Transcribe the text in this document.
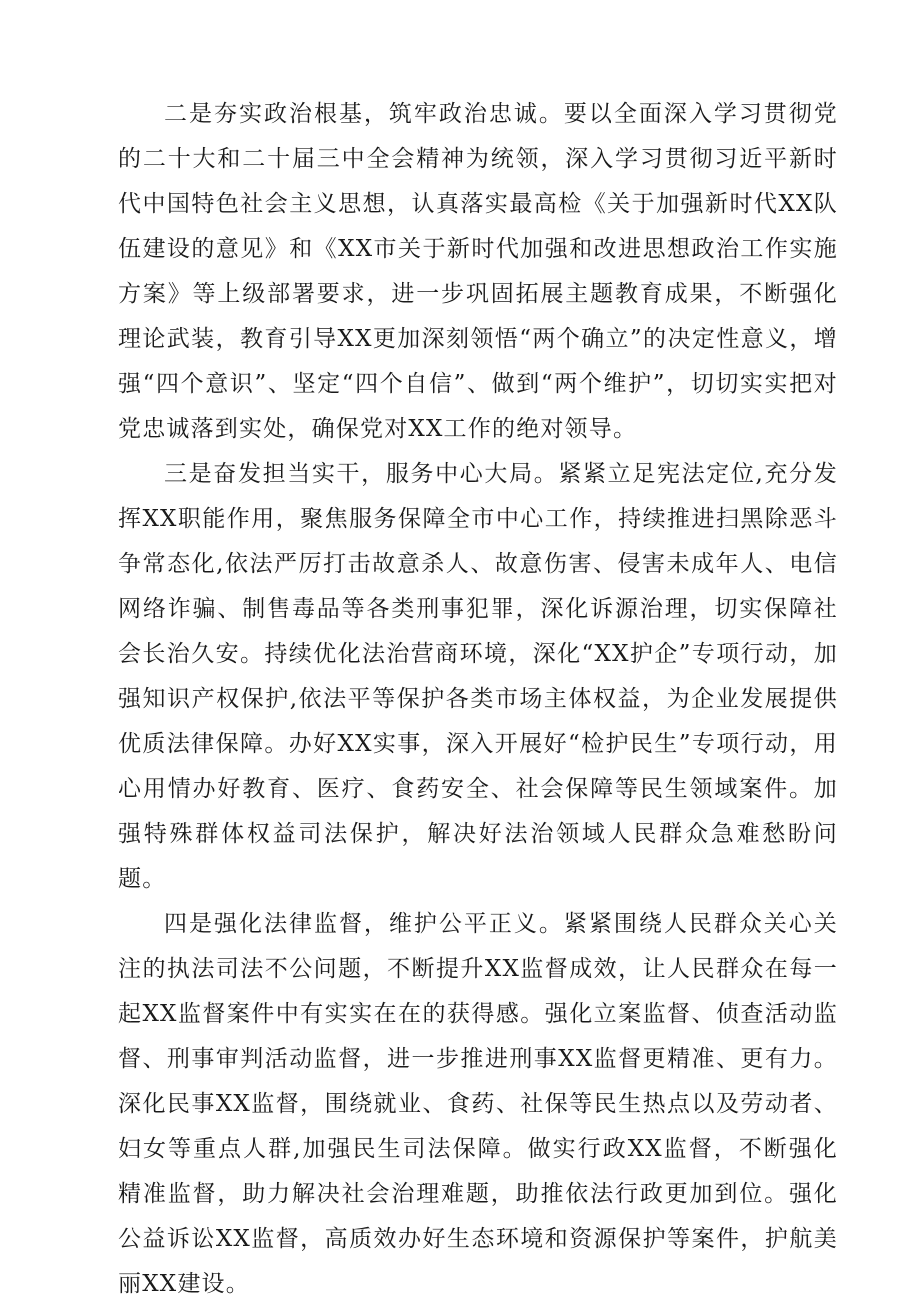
二是夯实政治根基，筑牢政治忠诚。要以全面深入学习贯彻党的二十大和二十届三中全会精神为统领，深入学习贯彻习近平新时代中国特色社会主义思想，认真落实最高检《关于加强新时代XX队伍建设的意见》和《XX市关于新时代加强和改进思想政治工作实施方案》等上级部署要求，进一步巩固拓展主题教育成果，不断强化理论武装，教育引导XX更加深刻领悟“两个确立”的决定性意义，增强“四个意识”、坚定“四个自信”、做到“两个维护”，切切实实把对党忠诚落到实处，确保党对XX工作的绝对领导。

三是奋发担当实干，服务中心大局。紧紧立足宪法定位,充分发挥XX职能作用，聚焦服务保障全市中心工作，持续推进扫黑除恶斗争常态化,依法严厉打击故意杀人、故意伤害、侵害未成年人、电信网络诈骗、制售毒品等各类刑事犯罪，深化诉源治理，切实保障社会长治久安。持续优化法治营商环境，深化“XX护企”专项行动，加强知识产权保护,依法平等保护各类市场主体权益，为企业发展提供优质法律保障。办好XX实事，深入开展好“检护民生”专项行动，用心用情办好教育、医疗、食药安全、社会保障等民生领域案件。加强特殊群体权益司法保护，解决好法治领域人民群众急难愁盼问题。

四是强化法律监督，维护公平正义。紧紧围绕人民群众关心关注的执法司法不公问题，不断提升XX监督成效，让人民群众在每一起XX监督案件中有实实在在的获得感。强化立案监督、侦查活动监督、刑事审判活动监督，进一步推进刑事XX监督更精准、更有力。深化民事XX监督，围绕就业、食药、社保等民生热点以及劳动者、妇女等重点人群,加强民生司法保障。做实行政XX监督，不断强化精准监督，助力解决社会治理难题，助推依法行政更加到位。强化公益诉讼XX监督，高质效办好生态环境和资源保护等案件，护航美丽XX建设。
